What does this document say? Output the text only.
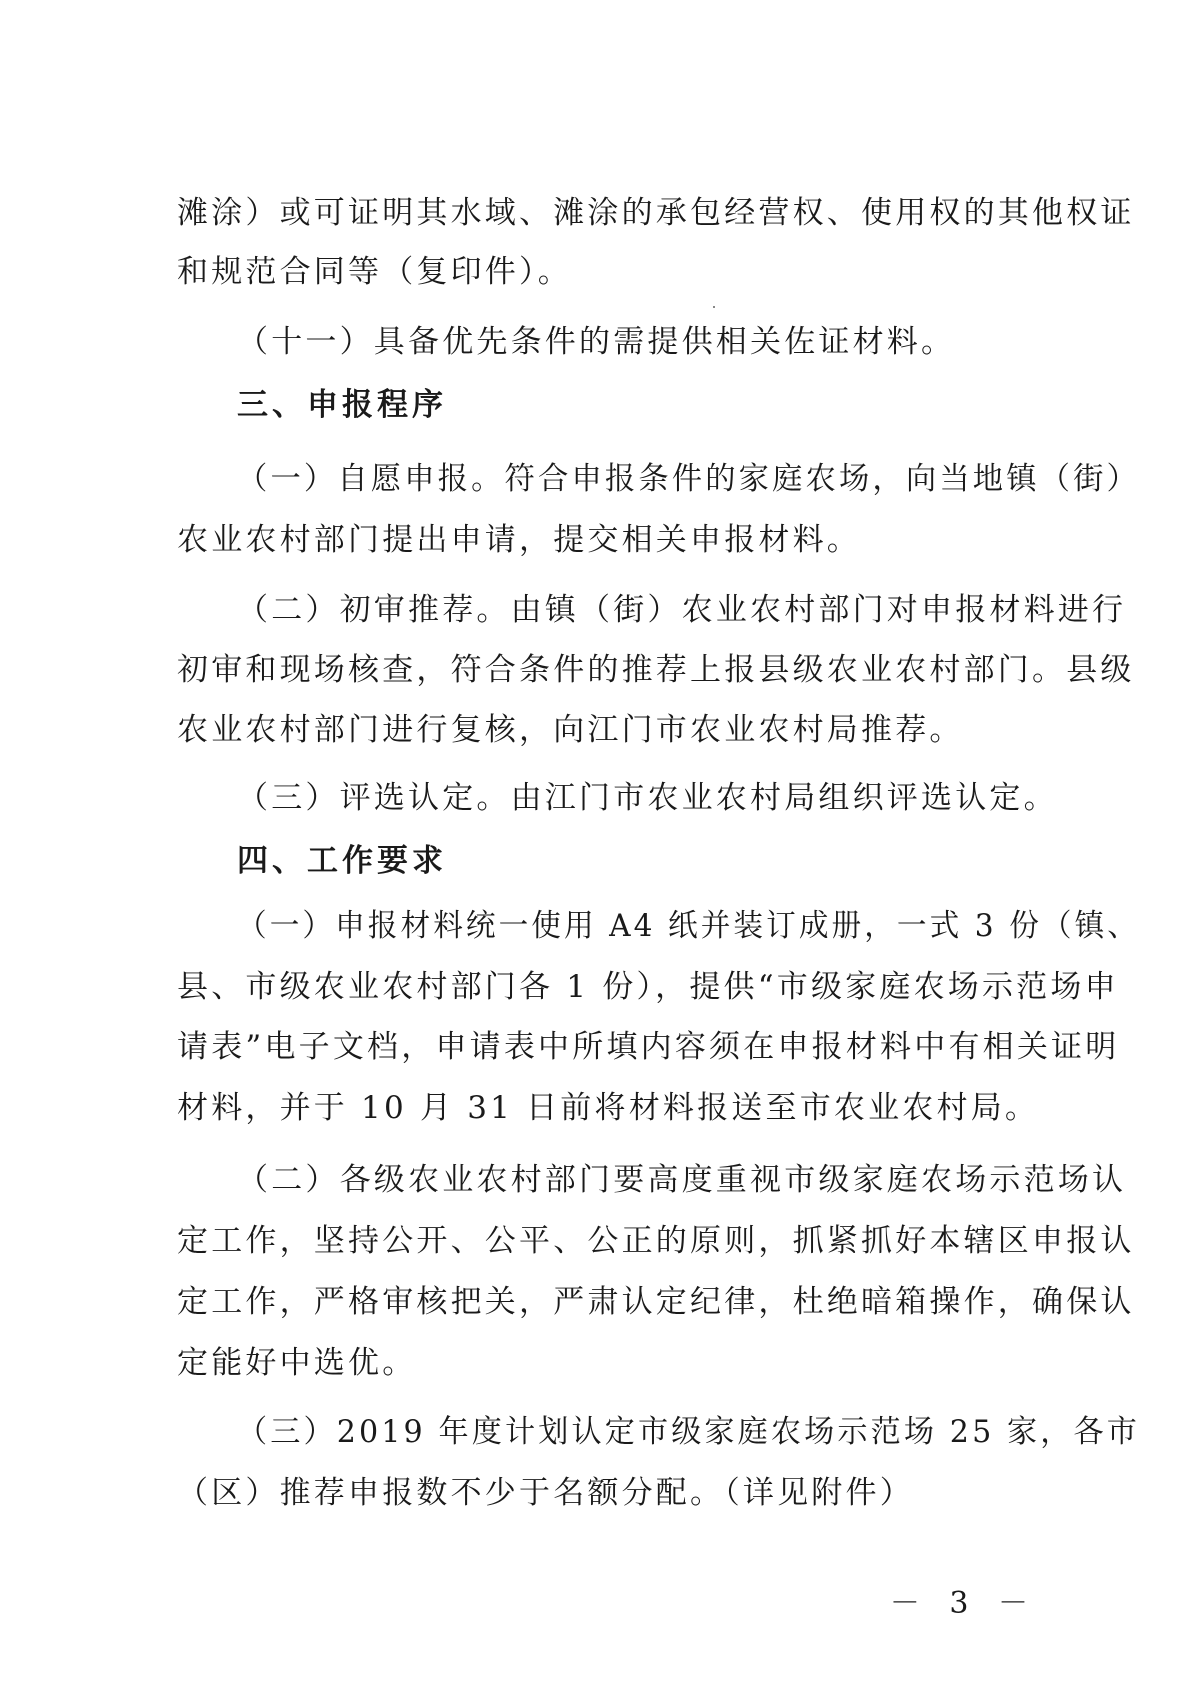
滩涂）或可证明其水域、滩涂的承包经营权、使用权的其他权证
和规范合同等（复印件）。
（十一）具备优先条件的需提供相关佐证材料。
三、申报程序
（一）自愿申报。符合申报条件的家庭农场，向当地镇（街）
农业农村部门提出申请，提交相关申报材料。
（二）初审推荐。由镇（街）农业农村部门对申报材料进行
初审和现场核查，符合条件的推荐上报县级农业农村部门。县级
农业农村部门进行复核，向江门市农业农村局推荐。
（三）评选认定。由江门市农业农村局组织评选认定。
四、工作要求
（一）申报材料统一使用 A4 纸并装订成册，一式 3 份（镇、
县、市级农业农村部门各 1 份），提供“市级家庭农场示范场申
请表”电子文档，申请表中所填内容须在申报材料中有相关证明
材料，并于 10 月 31 日前将材料报送至市农业农村局。
（二）各级农业农村部门要高度重视市级家庭农场示范场认
定工作，坚持公开、公平、公正的原则，抓紧抓好本辖区申报认
定工作，严格审核把关，严肃认定纪律，杜绝暗箱操作，确保认
定能好中选优。
（三）2019 年度计划认定市级家庭农场示范场 25 家，各市
（区）推荐申报数不少于名额分配。（详见附件）
－ 3 －
